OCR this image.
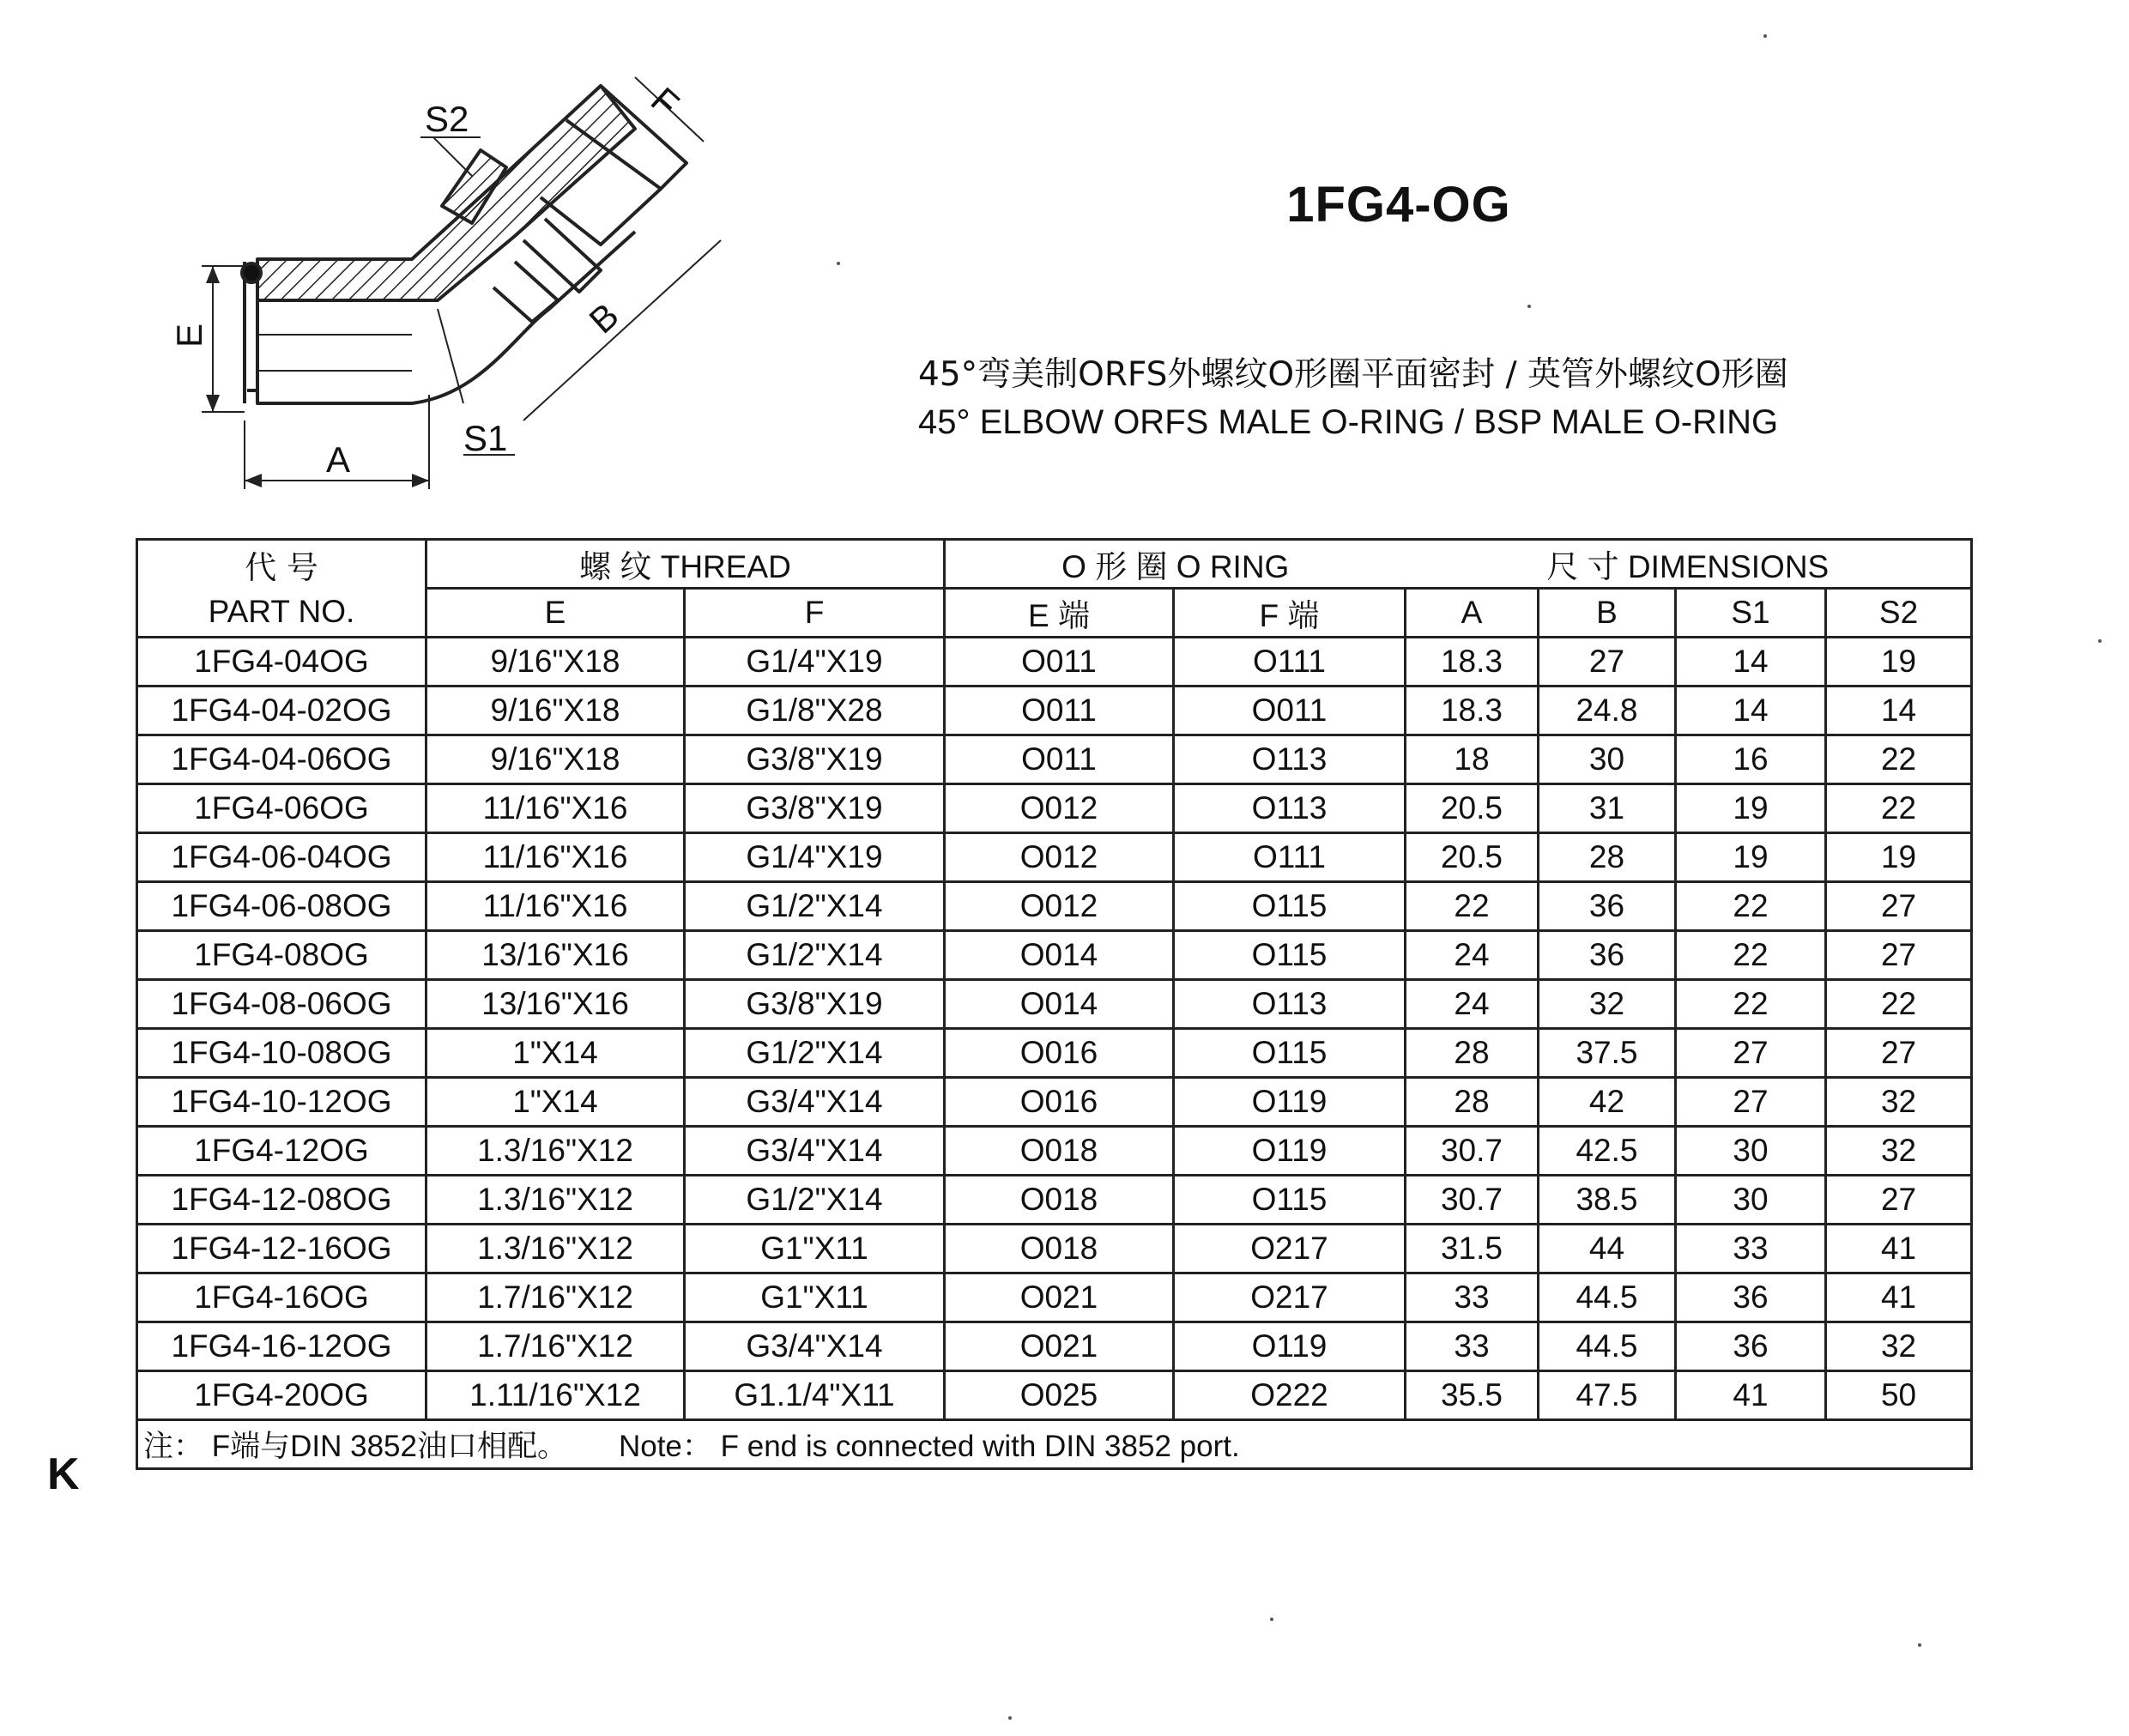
S2	F
E	B
A
S1
1FG4-OG
45°弯美制ORFS外螺纹O形圈平面密封 / 英管外螺纹O形圈
45° ELBOW ORFS MALE O-RING / BSP MALE O-RING
代 号	螺 纹 THREAD		O 形 圈 O RING		尺 寸 DIMENSIONS			
PART NO.	E	F	E 端	F 端	A	B	S1	S2
1FG4-04OG	9/16"X18	G1/4"X19	O011	O111	18.3	27	14	19
1FG4-04-02OG	9/16"X18	G1/8"X28	O011	O011	18.3	24.8	14	14
1FG4-04-06OG	9/16"X18	G3/8"X19	O011	O113	18	30	16	22
1FG4-06OG	11/16"X16	G3/8"X19	O012	O113	20.5	31	19	22
1FG4-06-04OG	11/16"X16	G1/4"X19	O012	O111	20.5	28	19	19
1FG4-06-08OG	11/16"X16	G1/2"X14	O012	O115	22	36	22	27
1FG4-08OG	13/16"X16	G1/2"X14	O014	O115	24	36	22	27
1FG4-08-06OG	13/16"X16	G3/8"X19	O014	O113	24	32	22	22
1FG4-10-08OG	1"X14	G1/2"X14	O016	O115	28	37.5	27	27
1FG4-10-12OG	1"X14	G3/4"X14	O016	O119	28	42	27	32
1FG4-12OG	1.3/16"X12	G3/4"X14	O018	O119	30.7	42.5	30	32
1FG4-12-08OG	1.3/16"X12	G1/2"X14	O018	O115	30.7	38.5	30	27
1FG4-12-16OG	1.3/16"X12	G1"X11	O018	O217	31.5	44	33	41
1FG4-16OG	1.7/16"X12	G1"X11	O021	O217	33	44.5	36	41
1FG4-16-12OG	1.7/16"X12	G3/4"X14	O021	O119	33	44.5	36	32
1FG4-20OG	1.11/16"X12	G1.1/4"X11	O025	O222	35.5	47.5	41	50
注： F端与DIN 3852油口相配。 Note： F end is connected with DIN 3852 port.								
K
